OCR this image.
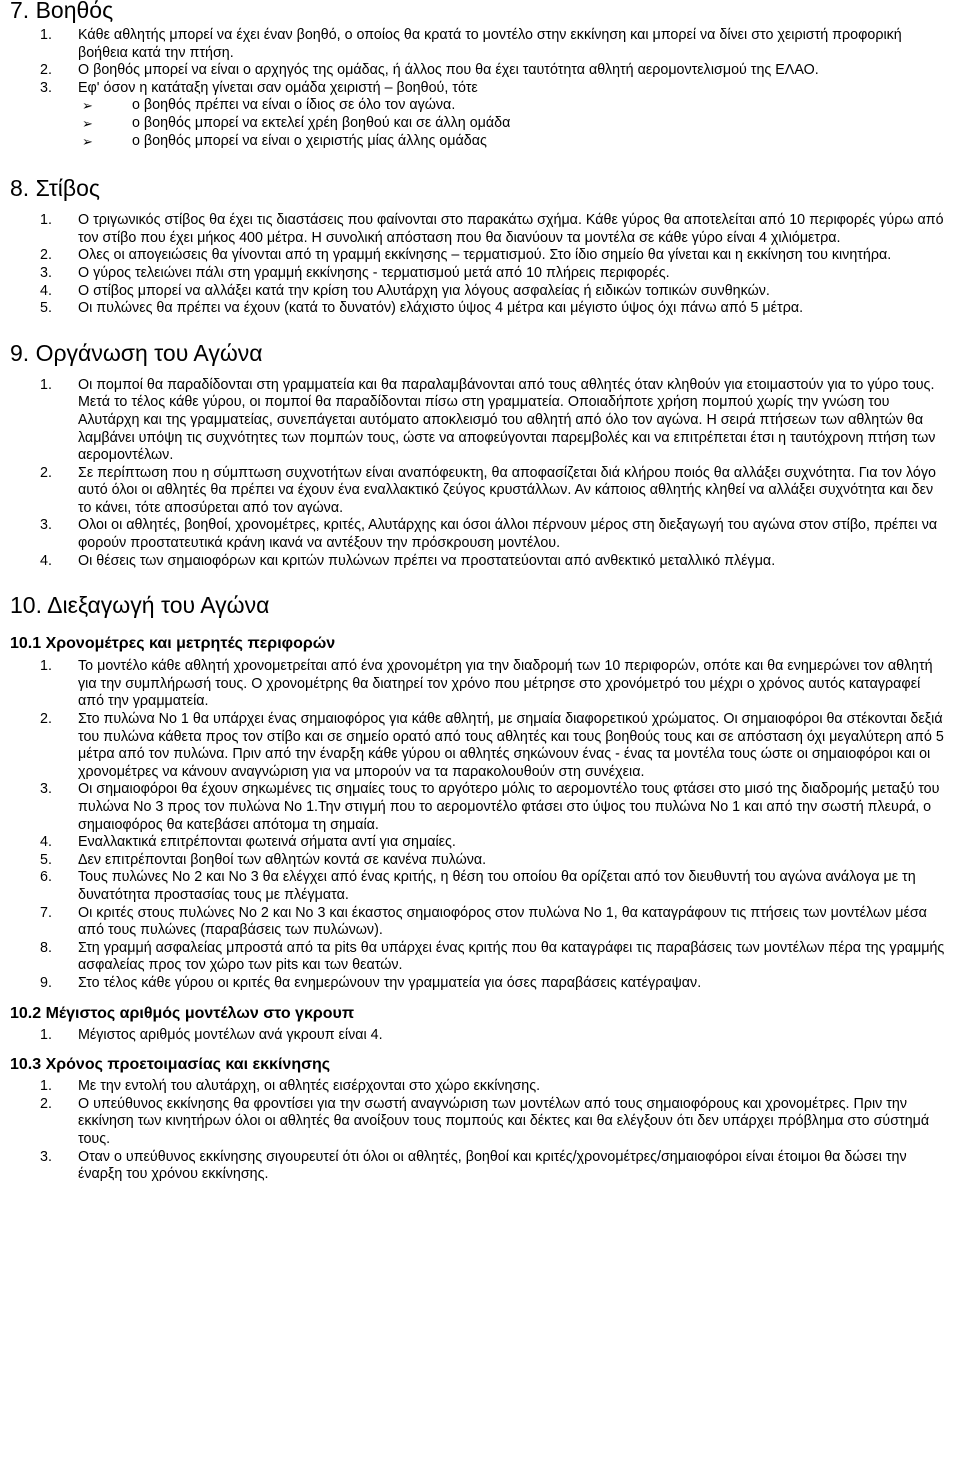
7. Βοηθός
1. Κάθε αθλητής μπορεί να έχει έναν βοηθό, ο οποίος θα κρατά το μοντέλο στην εκκίνηση και μπορεί να δίνει στο χειριστή προφορική βοήθεια κατά την πτήση.
2. Ο βοηθός μπορεί να είναι ο αρχηγός της ομάδας, ή άλλος που θα έχει ταυτότητα αθλητή αερομοντελισμού της ΕΛΑΟ.
3. Εφ' όσον η κατάταξη γίνεται σαν ομάδα χειριστή – βοηθού, τότε
➢	ο βοηθός πρέπει να είναι ο ίδιος σε όλο τον αγώνα.
➢	ο βοηθός μπορεί να εκτελεί χρέη βοηθού και σε άλλη ομάδα
➢	ο βοηθός μπορεί να είναι ο χειριστής μίας άλλης ομάδας
8. Στίβος
1. Ο τριγωνικός στίβος θα έχει τις διαστάσεις που φαίνονται στο παρακάτω σχήμα. Κάθε γύρος θα αποτελείται από 10 περιφορές γύρω από τον στίβο που έχει μήκος 400 μέτρα. Η συνολική απόσταση που θα διανύουν τα μοντέλα σε κάθε γύρο είναι 4 χιλιόμετρα.
2. Ολες οι απογειώσεις θα γίνονται από τη γραμμή εκκίνησης – τερματισμού. Στο ίδιο σημείο θα γίνεται και η εκκίνηση του κινητήρα.
3. Ο γύρος τελειώνει πάλι στη γραμμή εκκίνησης - τερματισμού μετά από 10 πλήρεις περιφορές.
4. Ο στίβος μπορεί να αλλάξει κατά την κρίση του Αλυτάρχη για λόγους ασφαλείας ή ειδικών τοπικών συνθηκών.
5. Οι πυλώνες θα πρέπει να έχουν (κατά το δυνατόν) ελάχιστο ύψος 4 μέτρα και μέγιστο ύψος όχι πάνω από 5 μέτρα.
9. Οργάνωση του Αγώνα
1. Οι πομποί θα παραδίδονται στη γραμματεία και θα παραλαμβάνονται από τους αθλητές όταν κληθούν για ετοιμαστούν για το γύρο τους. Μετά το τέλος κάθε γύρου, οι πομποί θα παραδίδονται πίσω στη γραμματεία. Οποιαδήποτε χρήση πομπού χωρίς την γνώση του Αλυτάρχη και της γραμματείας, συνεπάγεται αυτόματο αποκλεισμό του αθλητή από όλο τον αγώνα. Η σειρά πτήσεων των αθλητών θα λαμβάνει υπόψη τις συχνότητες των πομπών τους, ώστε να αποφεύγονται παρεμβολές και να επιτρέπεται έτσι η ταυτόχρονη πτήση των αερομοντέλων.
2. Σε περίπτωση που η σύμπτωση συχνοτήτων είναι αναπόφευκτη, θα αποφασίζεται διά κλήρου ποιός θα αλλάξει συχνότητα. Για τον λόγο αυτό όλοι οι αθλητές θα πρέπει να έχουν ένα εναλλακτικό ζεύγος κρυστάλλων. Αν κάποιος αθλητής κληθεί να αλλάξει συχνότητα και δεν το κάνει, τότε αποσύρεται από τον αγώνα.
3. Ολοι οι αθλητές, βοηθοί, χρονομέτρες, κριτές, Αλυτάρχης και όσοι άλλοι πέρνουν μέρος στη διεξαγωγή του αγώνα στον στίβο, πρέπει να φορούν προστατευτικά κράνη ικανά να αντέξουν την πρόσκρουση μοντέλου.
4. Οι θέσεις των σημαιοφόρων και κριτών πυλώνων πρέπει να προστατεύονται από ανθεκτικό μεταλλικό πλέγμα.
10. Διεξαγωγή του Αγώνα
10.1 Χρονομέτρες και μετρητές περιφορών
1. Το μοντέλο κάθε αθλητή χρονομετρείται από ένα χρονομέτρη για την διαδρομή των 10 περιφορών, οπότε και θα ενημερώνει τον αθλητή για την συμπλήρωσή τους. Ο χρονομέτρης θα διατηρεί τον χρόνο που μέτρησε στο χρονόμετρό του μέχρι ο χρόνος αυτός καταγραφεί από την γραμματεία.
2. Στο πυλώνα Νο 1 θα υπάρχει ένας σημαιοφόρος για κάθε αθλητή, με σημαία διαφορετικού χρώματος. Οι σημαιοφόροι θα στέκονται δεξιά του πυλώνα κάθετα προς τον στίβο και σε σημείο ορατό από τους αθλητές και τους βοηθούς τους και σε απόσταση όχι μεγαλύτερη από 5 μέτρα από τον πυλώνα. Πριν από την έναρξη κάθε γύρου οι αθλητές σηκώνουν ένας - ένας τα μοντέλα τους ώστε οι σημαιοφόροι και οι χρονομέτρες να κάνουν αναγνώριση για να μπορούν να τα παρακολουθούν στη συνέχεια.
3. Οι σημαιοφόροι θα έχουν σηκωμένες τις σημαίες τους το αργότερο μόλις το αερομοντέλο τους φτάσει στο μισό της διαδρομής μεταξύ του πυλώνα Νο 3 προς τον πυλώνα Νο 1.Την στιγμή που το αερομοντέλο φτάσει στο ύψος του πυλώνα Νο 1 και από την σωστή πλευρά, ο σημαιοφόρος θα κατεβάσει απότομα τη σημαία.
4. Εναλλακτικά επιτρέπονται φωτεινά σήματα αντί για σημαίες.
5. Δεν επιτρέπονται βοηθοί των αθλητών κοντά σε κανένα πυλώνα.
6. Τους πυλώνες Νο 2 και Νο 3 θα ελέγχει από ένας κριτής, η θέση του οποίου θα ορίζεται από τον διευθυντή του αγώνα ανάλογα με τη δυνατότητα προστασίας τους με πλέγματα.
7. Οι κριτές στους πυλώνες Νο 2 και Νο 3 και έκαστος σημαιοφόρος στον πυλώνα Νο 1, θα καταγράφουν τις πτήσεις των μοντέλων μέσα από τους πυλώνες (παραβάσεις των πυλώνων).
8. Στη γραμμή ασφαλείας μπροστά από τα pits θα υπάρχει ένας κριτής που θα καταγράφει τις παραβάσεις των μοντέλων πέρα της γραμμής ασφαλείας προς τον χώρο των pits και των θεατών.
9. Στο τέλος κάθε γύρου οι κριτές θα ενημερώνουν την γραμματεία για όσες παραβάσεις κατέγραψαν.
10.2 Μέγιστος αριθμός μοντέλων στο γκρουπ
1. Μέγιστος αριθμός μοντέλων ανά γκρουπ είναι 4.
10.3 Χρόνος προετοιμασίας και εκκίνησης
1. Με την εντολή του αλυτάρχη, οι αθλητές εισέρχονται στο χώρο εκκίνησης.
2. Ο υπεύθυνος εκκίνησης θα φροντίσει για την σωστή αναγνώριση των μοντέλων από τους σημαιοφόρους και χρονομέτρες. Πριν την εκκίνηση των κινητήρων όλοι οι αθλητές θα ανοίξουν τους πομπούς και δέκτες και θα ελέγξουν ότι δεν υπάρχει πρόβλημα στο σύστημά τους.
3. Οταν ο υπεύθυνος εκκίνησης σιγουρευτεί ότι όλοι οι αθλητές, βοηθοί και κριτές/χρονομέτρες/σημαιοφόροι είναι έτοιμοι θα δώσει την έναρξη του χρόνου εκκίνησης.
